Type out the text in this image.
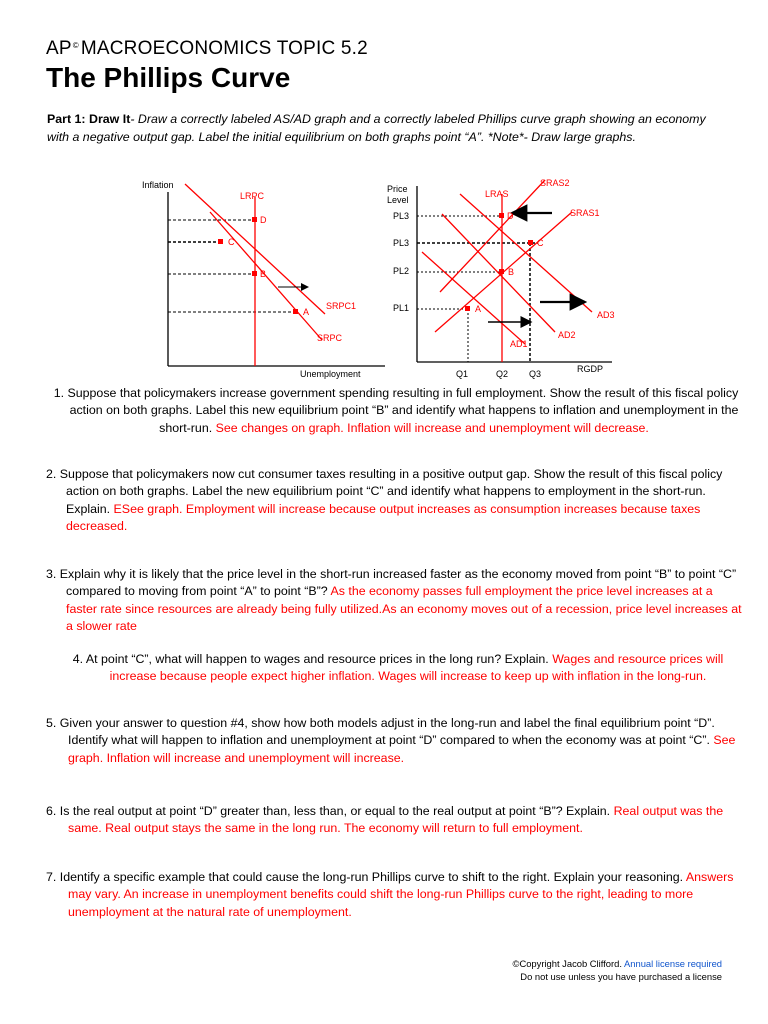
AP© MACROECONOMICS TOPIC 5.2
The Phillips Curve
Part 1: Draw It- Draw a correctly labeled AS/AD graph and a correctly labeled Phillips curve graph showing an economy with a negative output gap. Label the initial equilibrium on both graphs point “A”. *Note*- Draw large graphs.
Inflation
Unemployment
LRPC
SRPC1
SRPC
D
C
B
A
Price
Level
RGDP
PL3
PL3
PL2
PL1
Q1	Q2 Q3
LRAS
SRAS2
SRAS1
AD1
AD2
AD3
D
C
B
A
1. Suppose that policymakers increase government spending resulting in full employment. Show the result of this fiscal policy action on both graphs. Label this new equilibrium point “B” and identify what happens to inflation and unemployment in the short-run. See changes on graph. Inflation will increase and unemployment will decrease.
2. Suppose that policymakers now cut consumer taxes resulting in a positive output gap. Show the result of this fiscal policy action on both graphs. Label the new equilibrium point “C” and identify what happens to employment in the short-run. Explain. ESee graph. Employment will increase because output increases as consumption increases because taxes decreased.
3. Explain why it is likely that the price level in the short-run increased faster as the economy moved from point “B” to point “C” compared to moving from point “A” to point “B”? As the economy passes full employment the price level increases at a faster rate since resources are already being fully utilized.As an economy moves out of a recession, price level increases at a slower rate
4. At point “C”, what will happen to wages and resource prices in the long run? Explain. Wages and resource prices will increase because people expect higher inflation. Wages will increase to keep up with inflation in the long-run.
5. Given your answer to question #4, show how both models adjust in the long-run and label the final equilibrium point “D”. Identify what will happen to inflation and unemployment at point “D” compared to when the economy was at point “C”. See graph. Inflation will increase and unemployment will increase.
6. Is the real output at point “D” greater than, less than, or equal to the real output at point “B”? Explain. Real output was the same. Real output stays the same in the long run. The economy will return to full employment.
7. Identify a specific example that could cause the long-run Phillips curve to shift to the right. Explain your reasoning. Answers may vary. An increase in unemployment benefits could shift the long-run Phillips curve to the right, leading to more unemployment at the natural rate of unemployment.
©Copyright Jacob Clifford. Annual license required
Do not use unless you have purchased a license
